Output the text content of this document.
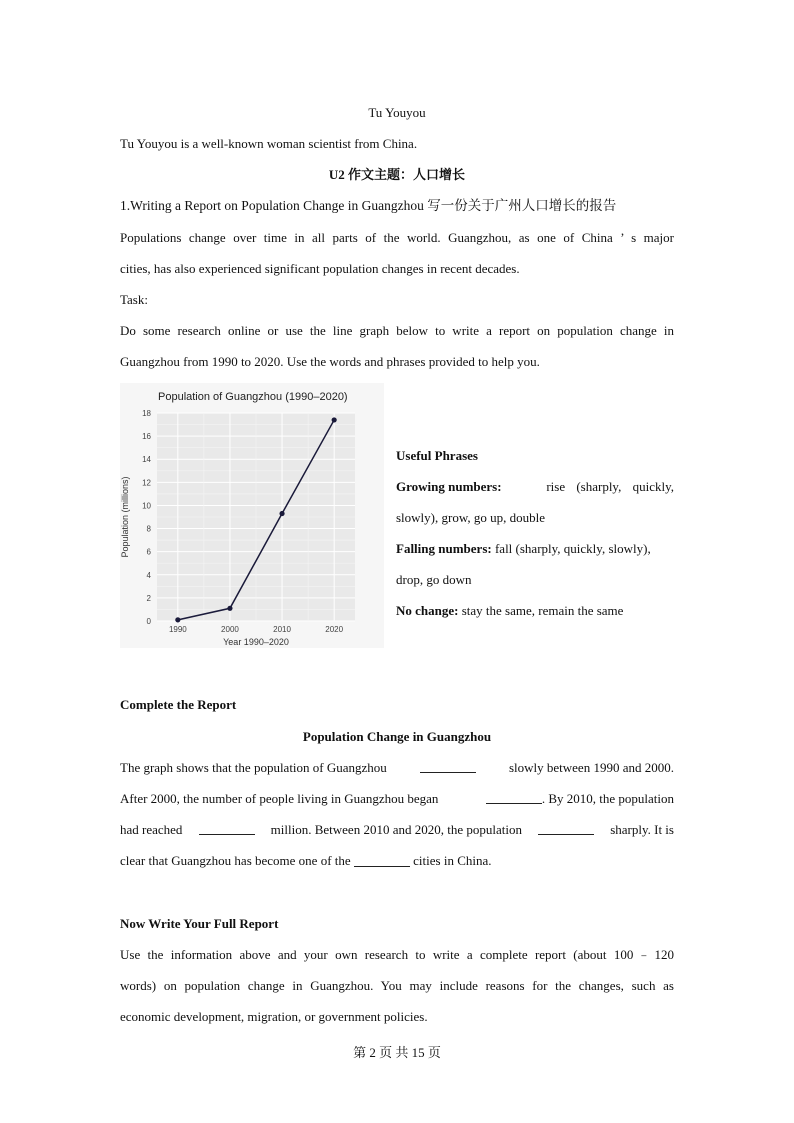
Tu Youyou
Tu Youyou is a well-known woman scientist from China.
U2 作文主题：人口增长
1.Writing a Report on Population Change in Guangzhou 写一份关于广州人口增长的报告
Populations change over time in all parts of the world. Guangzhou, as one of China ’ s major
cities, has also experienced significant population changes in recent decades.
Task:
Do some research online or use the line graph below to write a report on population change in
Guangzhou from 1990 to 2020. Use the words and phrases provided to help you.
0
2
4
6
8
10
12
14
16
18
1990	2000	2010	2020
Population of Guangzhou (1990–2020)
Year 1990–2020
Population (millions)
Useful Phrases
Growing numbers:	rise (sharply, quickly,
slowly), grow, go up, double
Falling numbers: fall (sharply, quickly, slowly),
drop, go down
No change: stay the same, remain the same
Complete the Report
Population Change in Guangzhou
The graph shows that the population of Guangzhou	slowly between 1990 and 2000.
After 2000, the number of people living in Guangzhou began	. By 2010, the population
had reached	million. Between 2010 and 2020, the population	sharply. It is
clear that Guangzhou has become one of the	cities in China.
Now Write Your Full Report
Use the information above and your own research to write a complete report (about 100﹣120
words) on population change in Guangzhou. You may include reasons for the changes, such as
economic development, migration, or government policies.
第 2 页 共 15 页
